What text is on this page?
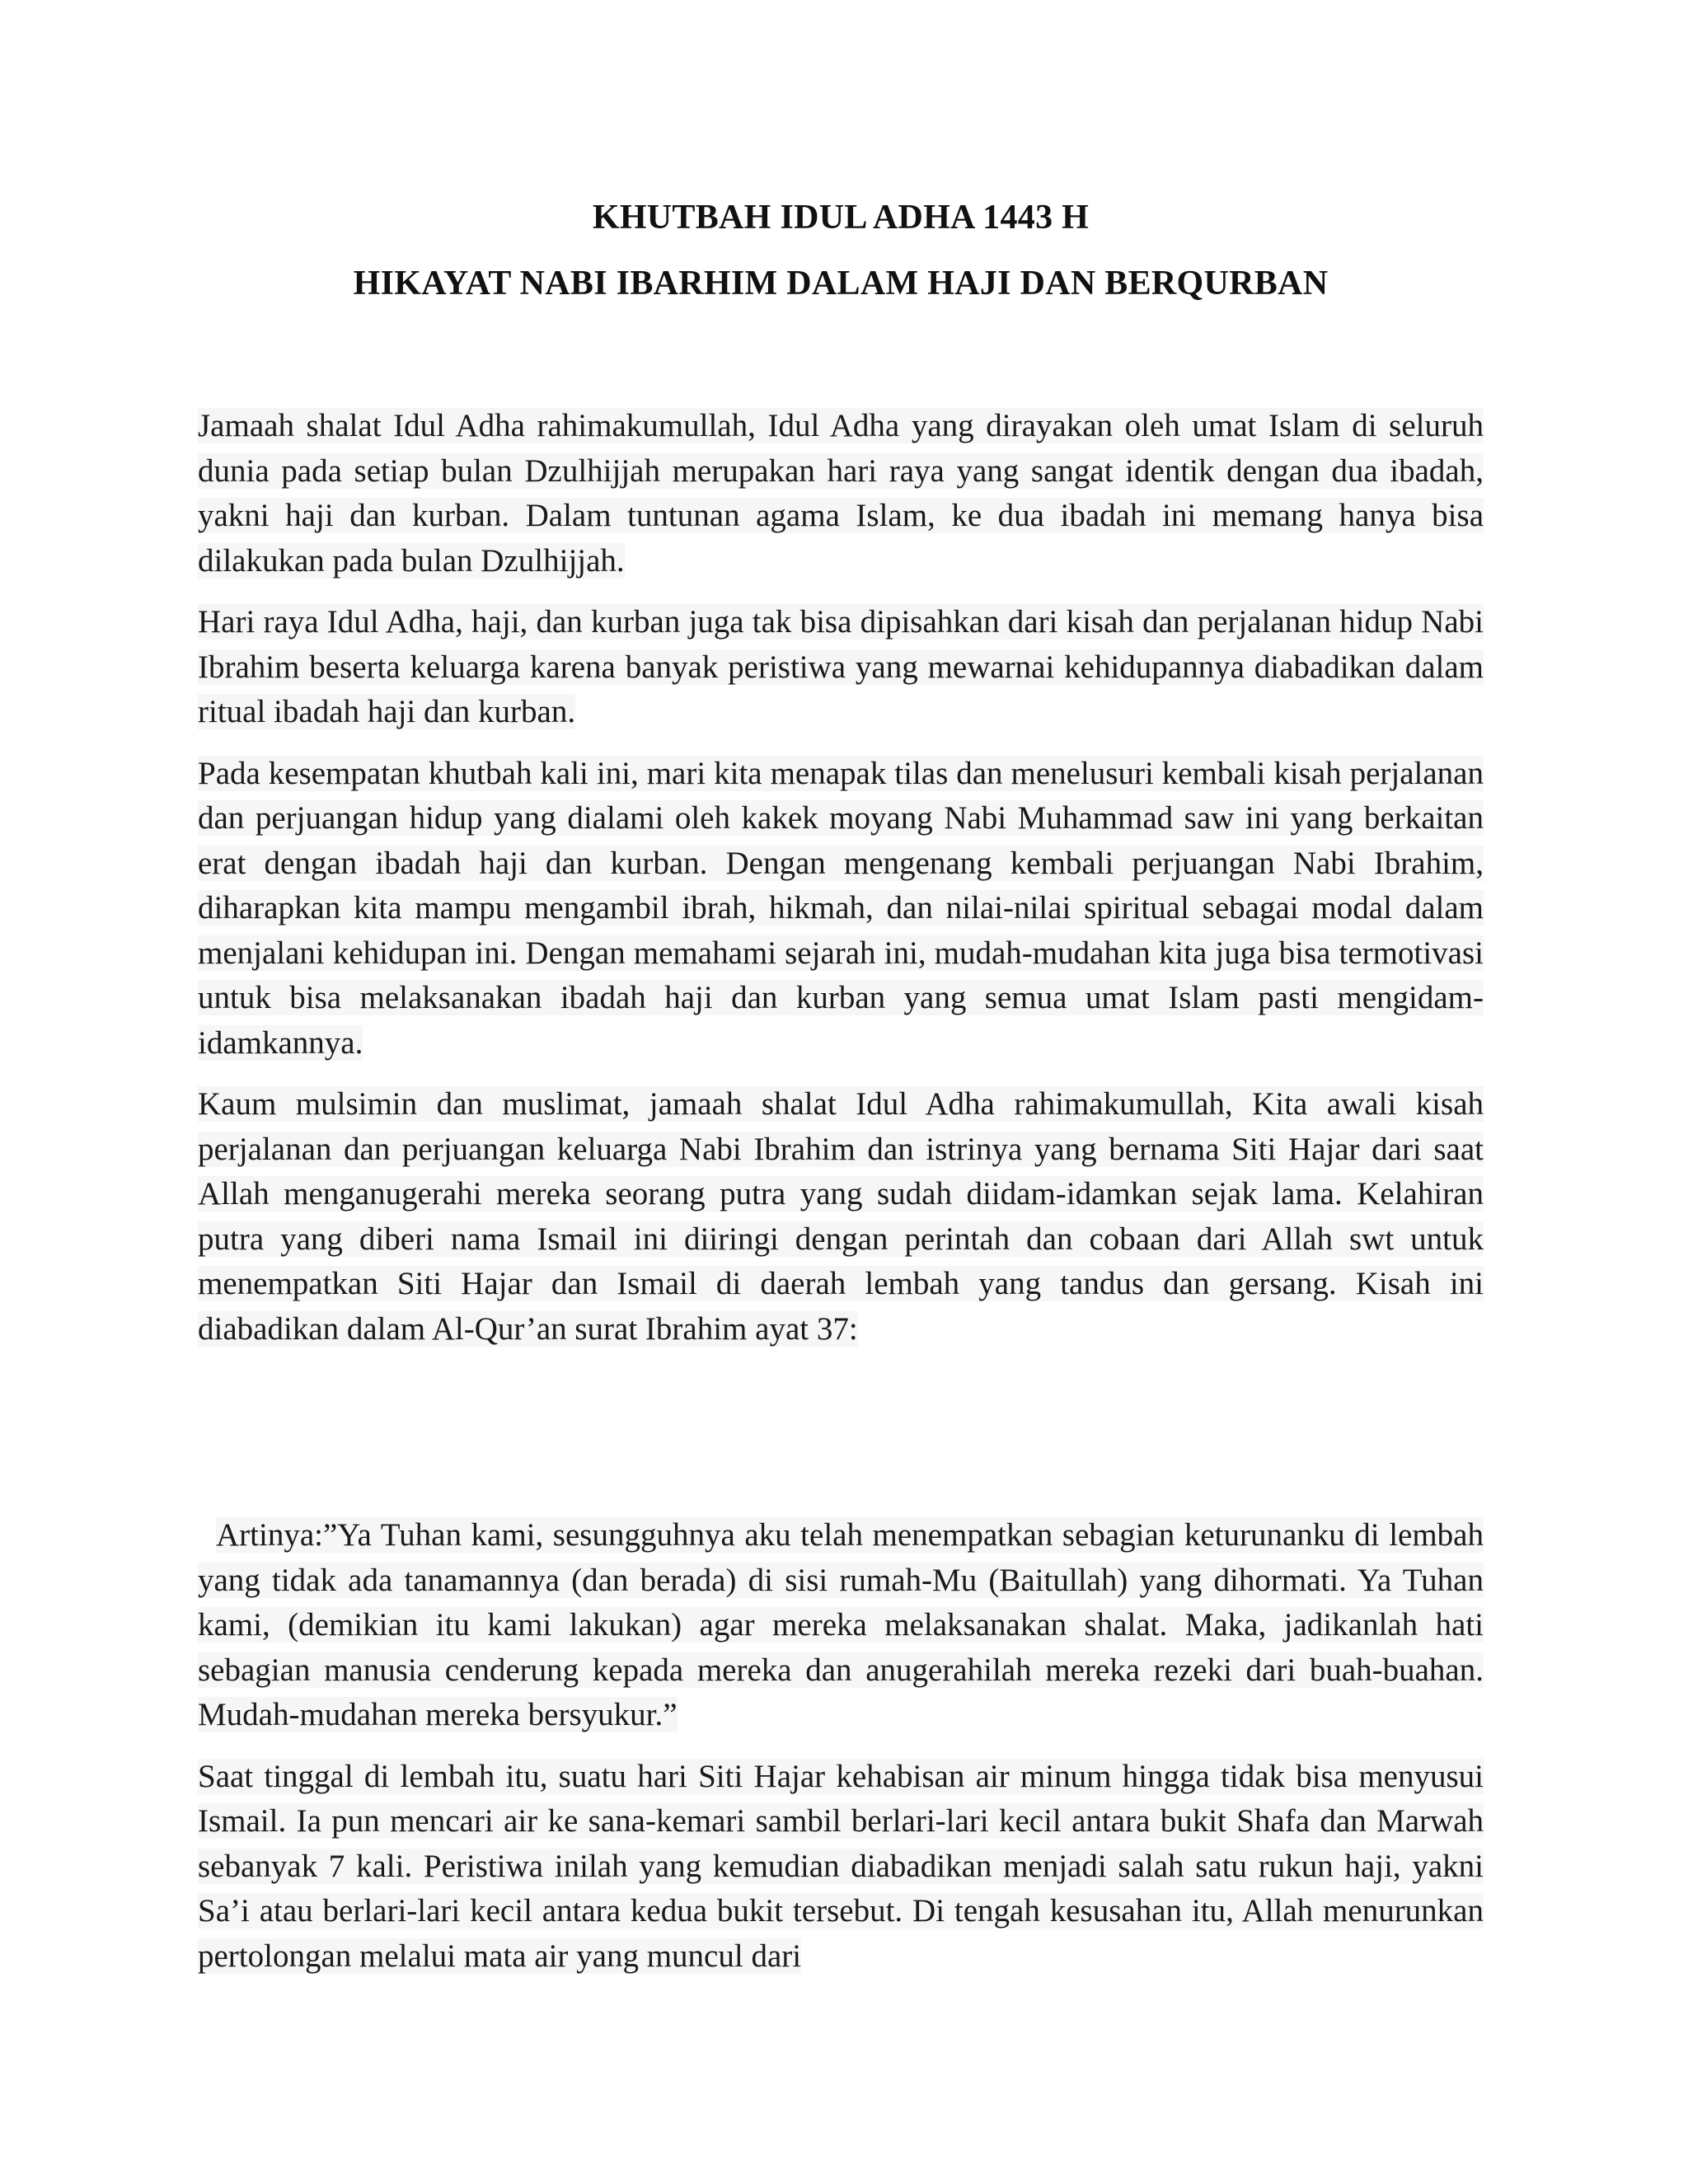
KHUTBAH IDUL ADHA 1443 H
HIKAYAT NABI IBARHIM DALAM HAJI DAN BERQURBAN

Jamaah shalat Idul Adha rahimakumullah, Idul Adha yang dirayakan oleh umat Islam di seluruh dunia pada setiap bulan Dzulhijjah merupakan hari raya yang sangat identik dengan dua ibadah, yakni haji dan kurban. Dalam tuntunan agama Islam, ke dua ibadah ini memang hanya bisa dilakukan pada bulan Dzulhijjah.

Hari raya Idul Adha, haji, dan kurban juga tak bisa dipisahkan dari kisah dan perjalanan hidup Nabi Ibrahim beserta keluarga karena banyak peristiwa yang mewarnai kehidupannya diabadikan dalam ritual ibadah haji dan kurban.

Pada kesempatan khutbah kali ini, mari kita menapak tilas dan menelusuri kembali kisah perjalanan dan perjuangan hidup yang dialami oleh kakek moyang Nabi Muhammad saw ini yang berkaitan erat dengan ibadah haji dan kurban. Dengan mengenang kembali perjuangan Nabi Ibrahim, diharapkan kita mampu mengambil ibrah, hikmah, dan nilai-nilai spiritual sebagai modal dalam menjalani kehidupan ini. Dengan memahami sejarah ini, mudah-mudahan kita juga bisa termotivasi untuk bisa melaksanakan ibadah haji dan kurban yang semua umat Islam pasti mengidam-idamkannya.

Kaum mulsimin dan muslimat, jamaah shalat Idul Adha rahimakumullah, Kita awali kisah perjalanan dan perjuangan keluarga Nabi Ibrahim dan istrinya yang bernama Siti Hajar dari saat Allah menganugerahi mereka seorang putra yang sudah diidam-idamkan sejak lama. Kelahiran putra yang diberi nama Ismail ini diiringi dengan perintah dan cobaan dari Allah swt untuk menempatkan Siti Hajar dan Ismail di daerah lembah yang tandus dan gersang. Kisah ini diabadikan dalam Al-Qur’an surat Ibrahim ayat 37:

Artinya:”Ya Tuhan kami, sesungguhnya aku telah menempatkan sebagian keturunanku di lembah yang tidak ada tanamannya (dan berada) di sisi rumah-Mu (Baitullah) yang dihormati. Ya Tuhan kami, (demikian itu kami lakukan) agar mereka melaksanakan shalat. Maka, jadikanlah hati sebagian manusia cenderung kepada mereka dan anugerahilah mereka rezeki dari buah-buahan. Mudah-mudahan mereka bersyukur.”

Saat tinggal di lembah itu, suatu hari Siti Hajar kehabisan air minum hingga tidak bisa menyusui Ismail. Ia pun mencari air ke sana-kemari sambil berlari-lari kecil antara bukit Shafa dan Marwah sebanyak 7 kali. Peristiwa inilah yang kemudian diabadikan menjadi salah satu rukun haji, yakni Sa’i atau berlari-lari kecil antara kedua bukit tersebut. Di tengah kesusahan itu, Allah menurunkan pertolongan melalui mata air yang muncul dari
